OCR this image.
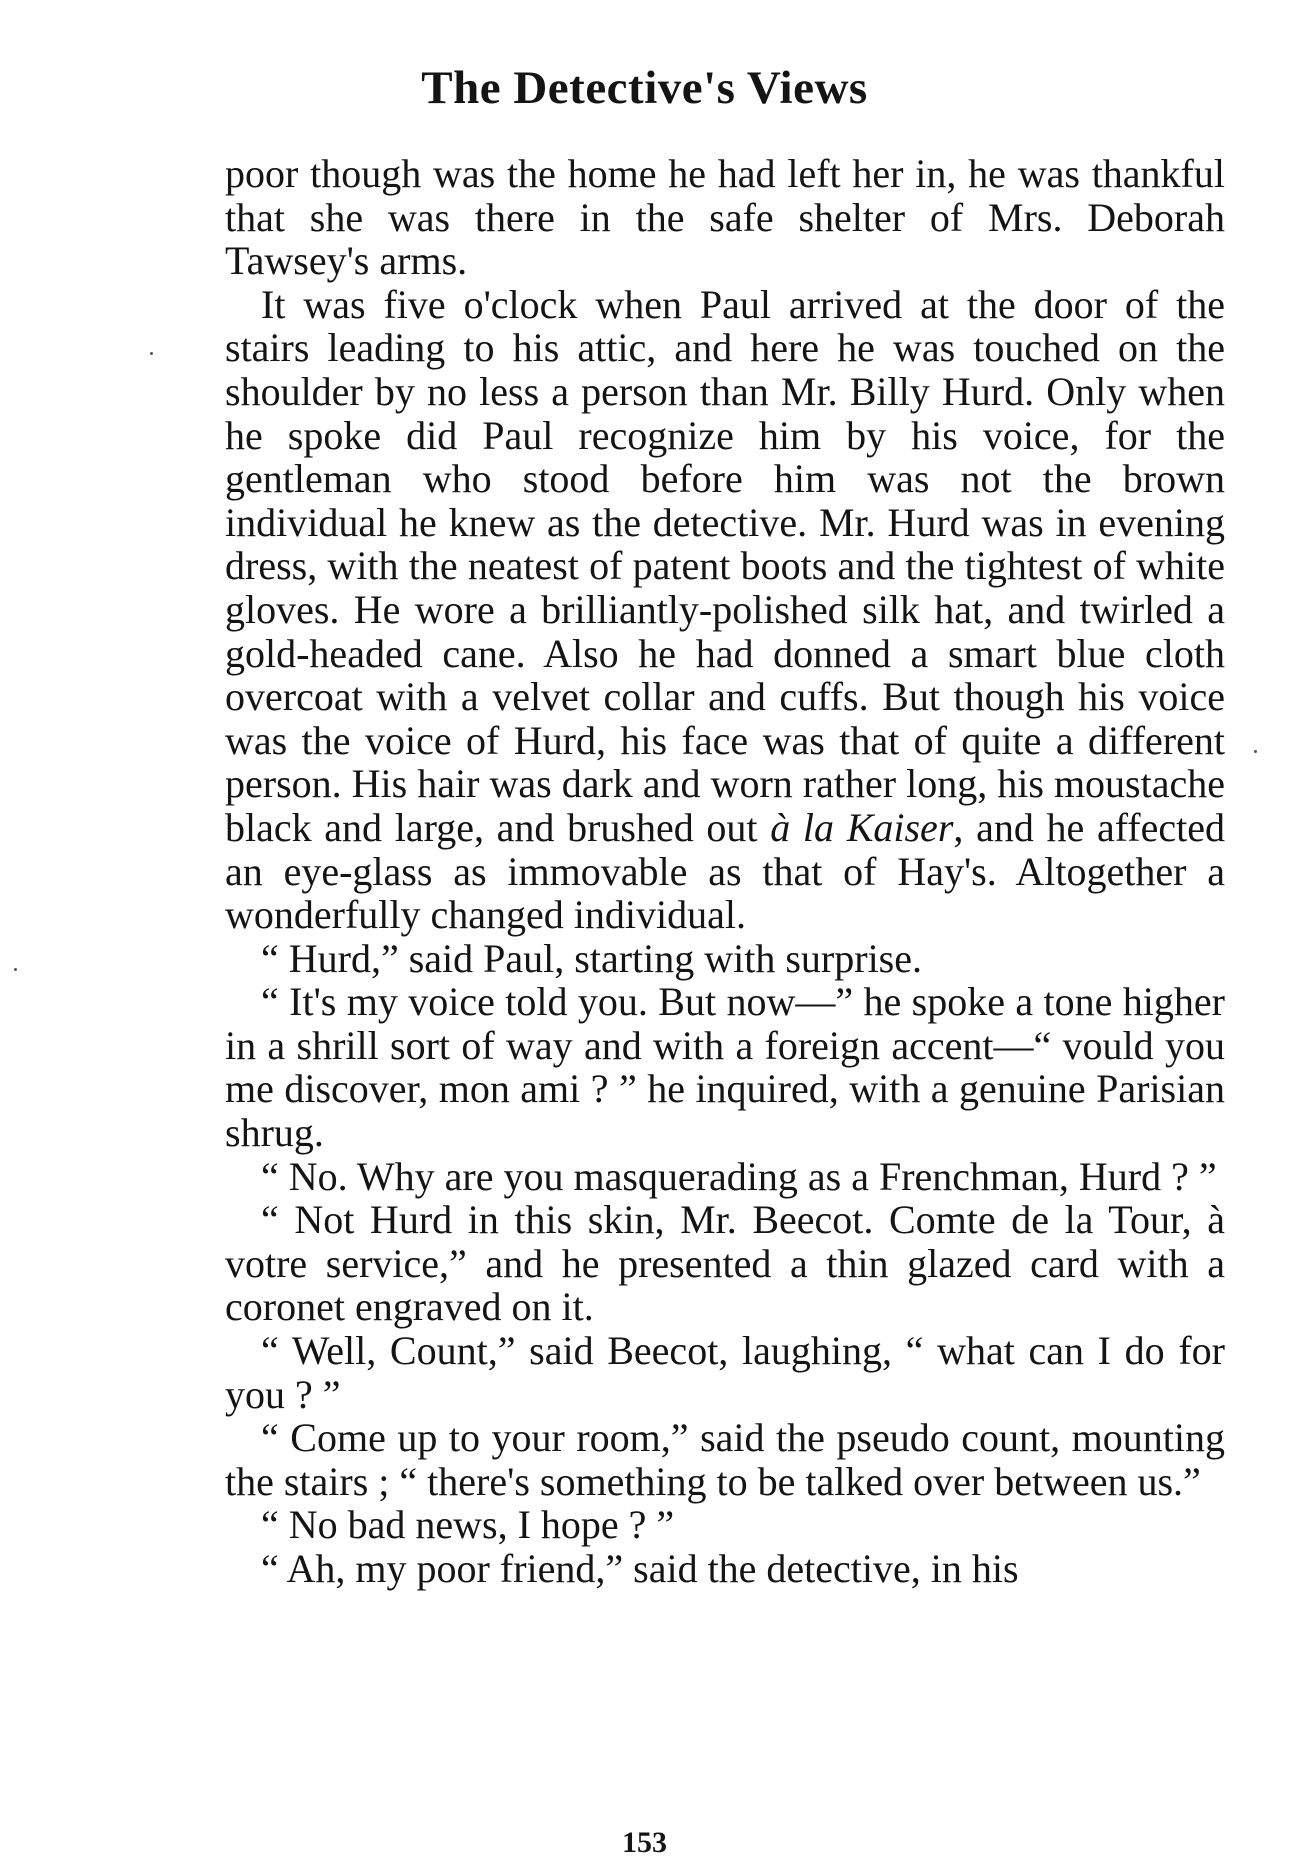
The Detective's Views

poor though was the home he had left her in, he was thankful that she was there in the safe shelter of Mrs. Deborah Tawsey's arms.

It was five o'clock when Paul arrived at the door of the stairs leading to his attic, and here he was touched on the shoulder by no less a person than Mr. Billy Hurd. Only when he spoke did Paul recognize him by his voice, for the gentleman who stood before him was not the brown individual he knew as the detective. Mr. Hurd was in evening dress, with the neatest of patent boots and the tightest of white gloves. He wore a brilliantly-polished silk hat, and twirled a gold-headed cane. Also he had donned a smart blue cloth overcoat with a velvet collar and cuffs. But though his voice was the voice of Hurd, his face was that of quite a different person. His hair was dark and worn rather long, his moustache black and large, and brushed out à la Kaiser, and he affected an eye-glass as immovable as that of Hay's. Altogether a wonderfully changed individual.

“ Hurd,” said Paul, starting with surprise.

“ It's my voice told you. But now—” he spoke a tone higher in a shrill sort of way and with a foreign accent—“ vould you me discover, mon ami ? ” he inquired, with a genuine Parisian shrug.

“ No. Why are you masquerading as a Frenchman, Hurd ? ”

“ Not Hurd in this skin, Mr. Beecot. Comte de la Tour, à votre service,” and he presented a thin glazed card with a coronet engraved on it.

“ Well, Count,” said Beecot, laughing, “ what can I do for you ? ”

“ Come up to your room,” said the pseudo count, mounting the stairs ; “ there's something to be talked over between us.”

“ No bad news, I hope ? ”

“ Ah, my poor friend,” said the detective, in his

153
